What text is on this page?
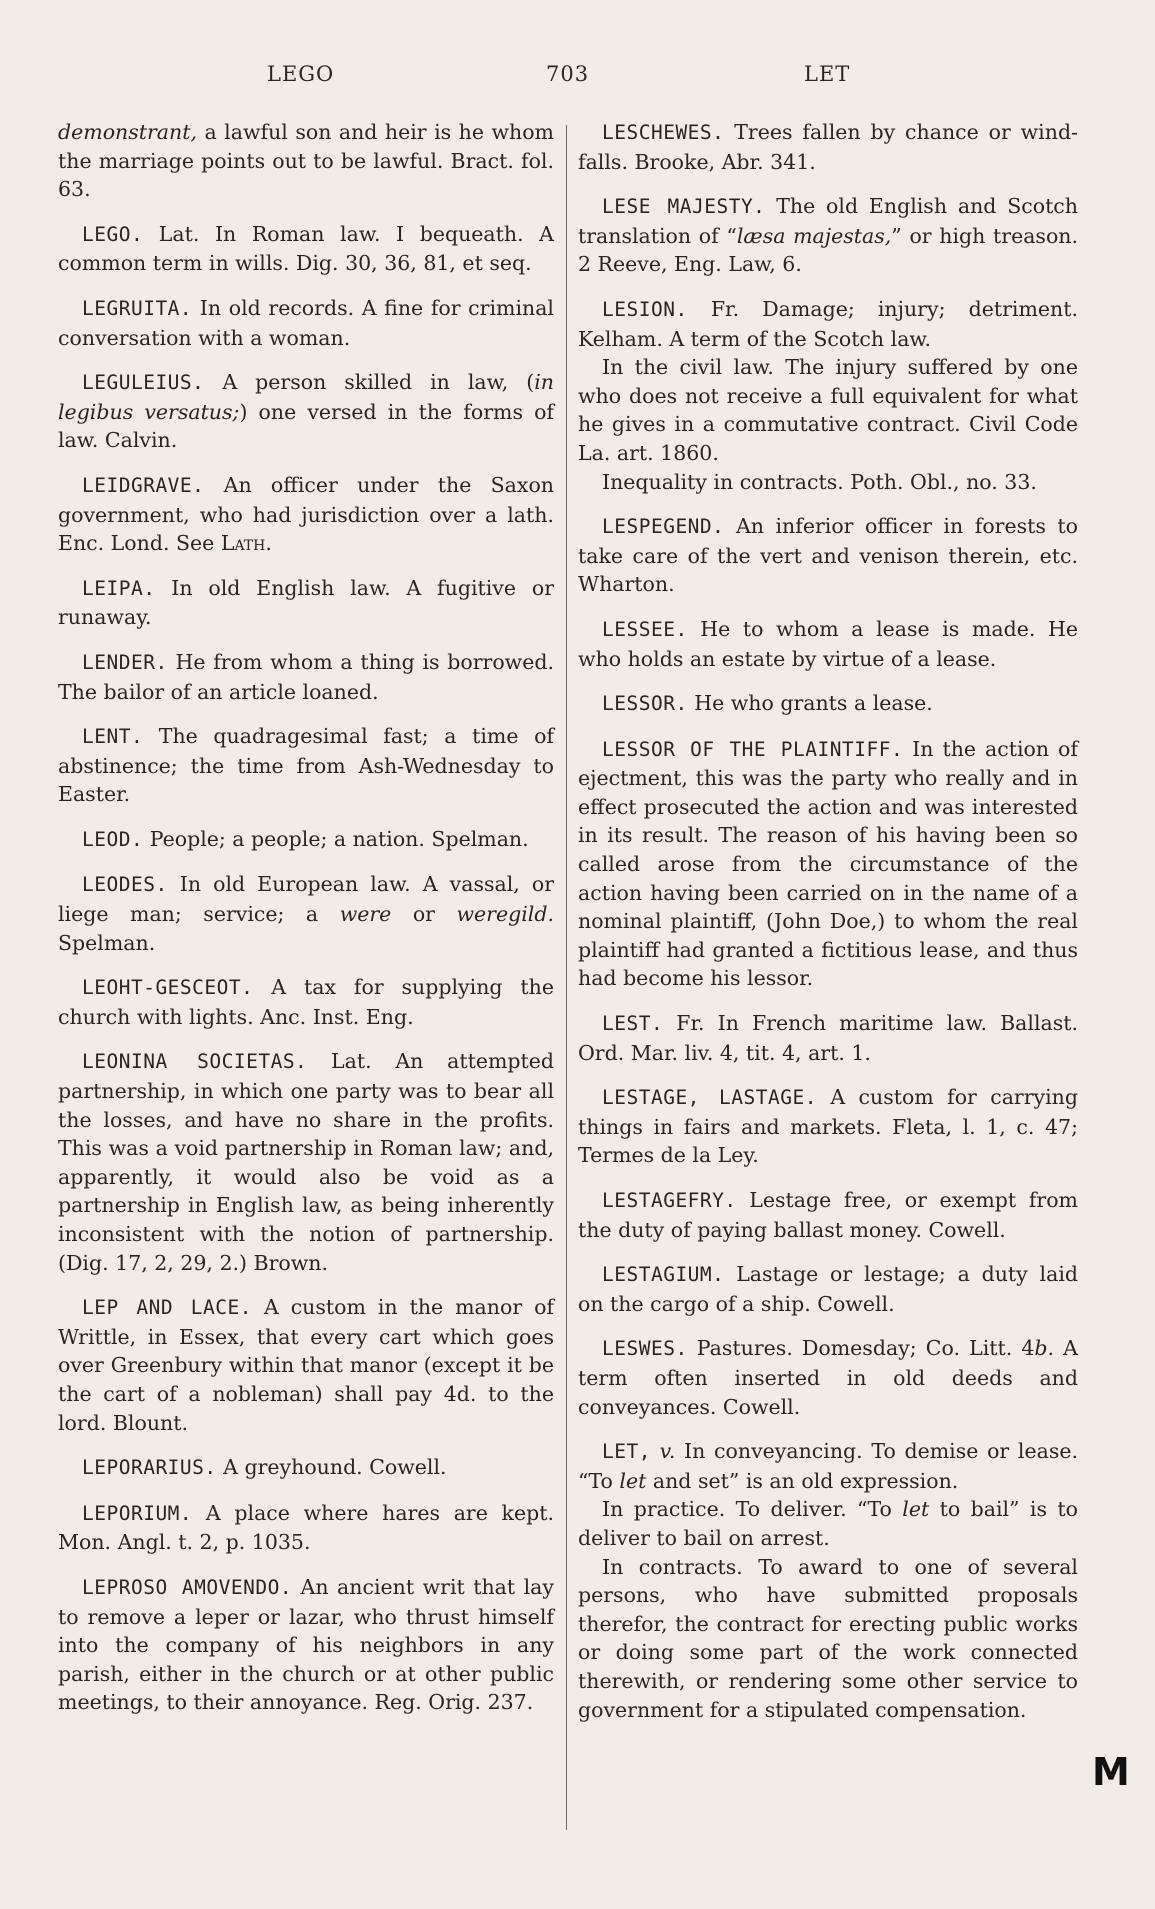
LEGO	703	LET

demonstrant, a lawful son and heir is he whom the marriage points out to be lawful. Bract. fol. 63.

LEGO. Lat. In Roman law. I bequeath. A common term in wills. Dig. 30, 36, 81, et seq.

LEGRUITA. In old records. A fine for criminal conversation with a woman.

LEGULEIUS. A person skilled in law, (in legibus versatus;) one versed in the forms of law. Calvin.

LEIDGRAVE. An officer under the Saxon government, who had jurisdiction over a lath. Enc. Lond. See Lath.

LEIPA. In old English law. A fugitive or runaway.

LENDER. He from whom a thing is borrowed. The bailor of an article loaned.

LENT. The quadragesimal fast; a time of abstinence; the time from Ash-Wednesday to Easter.

LEOD. People; a people; a nation. Spelman.

LEODES. In old European law. A vassal, or liege man; service; a were or weregild. Spelman.

LEOHT-GESCEOT. A tax for supplying the church with lights. Anc. Inst. Eng.

LEONINA SOCIETAS. Lat. An attempted partnership, in which one party was to bear all the losses, and have no share in the profits. This was a void partnership in Roman law; and, apparently, it would also be void as a partnership in English law, as being inherently inconsistent with the notion of partnership. (Dig. 17, 2, 29, 2.) Brown.

LEP AND LACE. A custom in the manor of Writtle, in Essex, that every cart which goes over Greenbury within that manor (except it be the cart of a nobleman) shall pay 4d. to the lord. Blount.

LEPORARIUS. A greyhound. Cowell.

LEPORIUM. A place where hares are kept. Mon. Angl. t. 2, p. 1035.

LEPROSO AMOVENDO. An ancient writ that lay to remove a leper or lazar, who thrust himself into the company of his neighbors in any parish, either in the church or at other public meetings, to their annoyance. Reg. Orig. 237.

LESCHEWES. Trees fallen by chance or wind-falls. Brooke, Abr. 341.

LESE MAJESTY. The old English and Scotch translation of “læsa majestas,” or high treason. 2 Reeve, Eng. Law, 6.

LESION. Fr. Damage; injury; detriment. Kelham. A term of the Scotch law.

In the civil law. The injury suffered by one who does not receive a full equivalent for what he gives in a commutative contract. Civil Code La. art. 1860.

Inequality in contracts. Poth. Obl., no. 33.

LESPEGEND. An inferior officer in forests to take care of the vert and venison therein, etc. Wharton.

LESSEE. He to whom a lease is made. He who holds an estate by virtue of a lease.

LESSOR. He who grants a lease.

LESSOR OF THE PLAINTIFF. In the action of ejectment, this was the party who really and in effect prosecuted the action and was interested in its result. The reason of his having been so called arose from the circumstance of the action having been carried on in the name of a nominal plaintiff, (John Doe,) to whom the real plaintiff had granted a fictitious lease, and thus had become his lessor.

LEST. Fr. In French maritime law. Ballast. Ord. Mar. liv. 4, tit. 4, art. 1.

LESTAGE, LASTAGE. A custom for carrying things in fairs and markets. Fleta, l. 1, c. 47; Termes de la Ley.

LESTAGEFRY. Lestage free, or exempt from the duty of paying ballast money. Cowell.

LESTAGIUM. Lastage or lestage; a duty laid on the cargo of a ship. Cowell.

LESWES. Pastures. Domesday; Co. Litt. 4b. A term often inserted in old deeds and conveyances. Cowell.

LET, v. In conveyancing. To demise or lease. “To let and set” is an old expression.

In practice. To deliver. “To let to bail” is to deliver to bail on arrest.

In contracts. To award to one of several persons, who have submitted proposals therefor, the contract for erecting public works or doing some part of the work connected therewith, or rendering some other service to government for a stipulated compensation.

M
